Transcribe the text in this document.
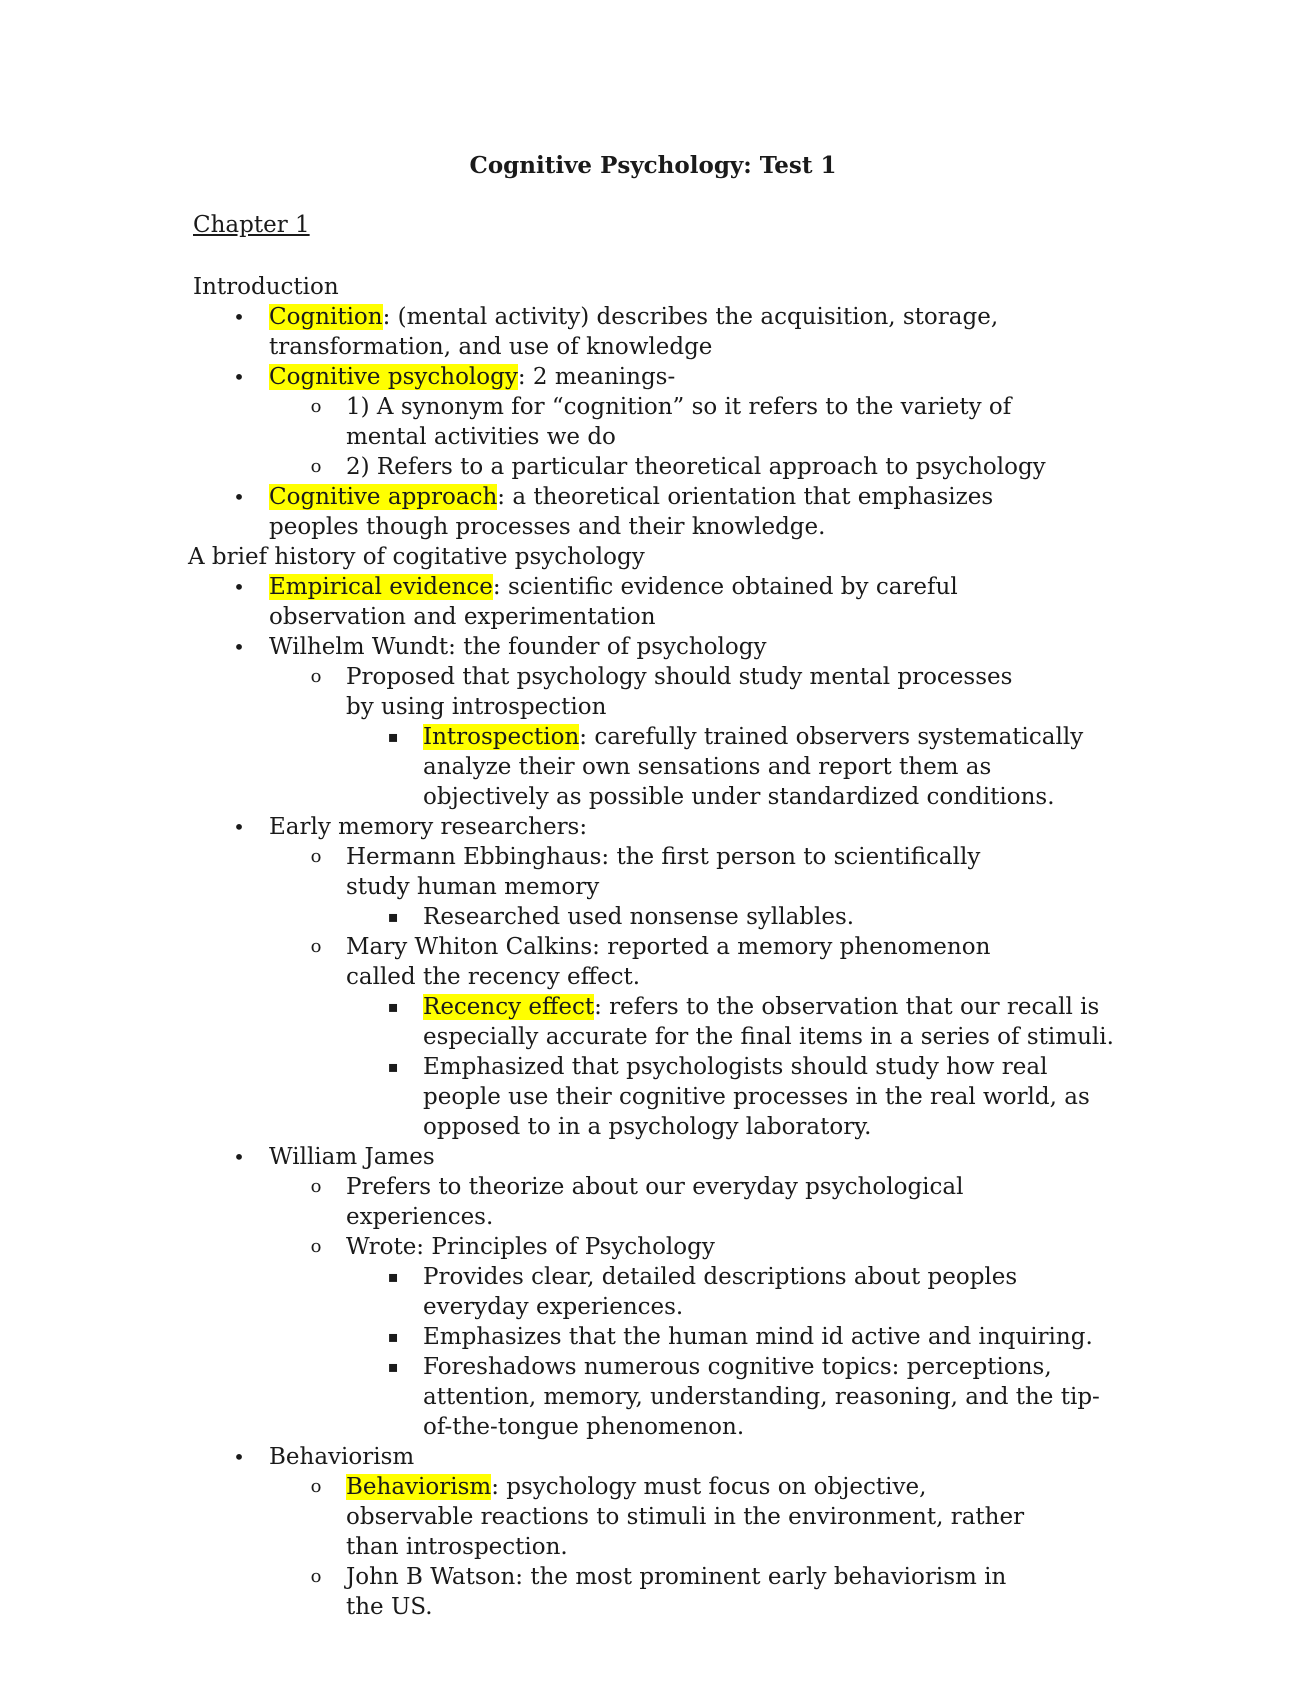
Cognitive Psychology: Test 1
Chapter 1
Introduction
• Cognition: (mental activity) describes the acquisition, storage, transformation, and use of knowledge
• Cognitive psychology: 2 meanings-
o 1) A synonym for “cognition” so it refers to the variety of mental activities we do
o 2) Refers to a particular theoretical approach to psychology
• Cognitive approach: a theoretical orientation that emphasizes peoples though processes and their knowledge.
A brief history of cogitative psychology
• Empirical evidence: scientific evidence obtained by careful observation and experimentation
• Wilhelm Wundt: the founder of psychology
o Proposed that psychology should study mental processes by using introspection
▪ Introspection: carefully trained observers systematically analyze their own sensations and report them as objectively as possible under standardized conditions.
• Early memory researchers:
o Hermann Ebbinghaus: the first person to scientifically study human memory
▪ Researched used nonsense syllables.
o Mary Whiton Calkins: reported a memory phenomenon called the recency effect.
▪ Recency effect: refers to the observation that our recall is especially accurate for the final items in a series of stimuli.
▪ Emphasized that psychologists should study how real people use their cognitive processes in the real world, as opposed to in a psychology laboratory.
• William James
o Prefers to theorize about our everyday psychological experiences.
o Wrote: Principles of Psychology
▪ Provides clear, detailed descriptions about peoples everyday experiences.
▪ Emphasizes that the human mind id active and inquiring.
▪ Foreshadows numerous cognitive topics: perceptions, attention, memory, understanding, reasoning, and the tip-of-the-tongue phenomenon.
• Behaviorism
o Behaviorism: psychology must focus on objective, observable reactions to stimuli in the environment, rather than introspection.
o John B Watson: the most prominent early behaviorism in the US.
